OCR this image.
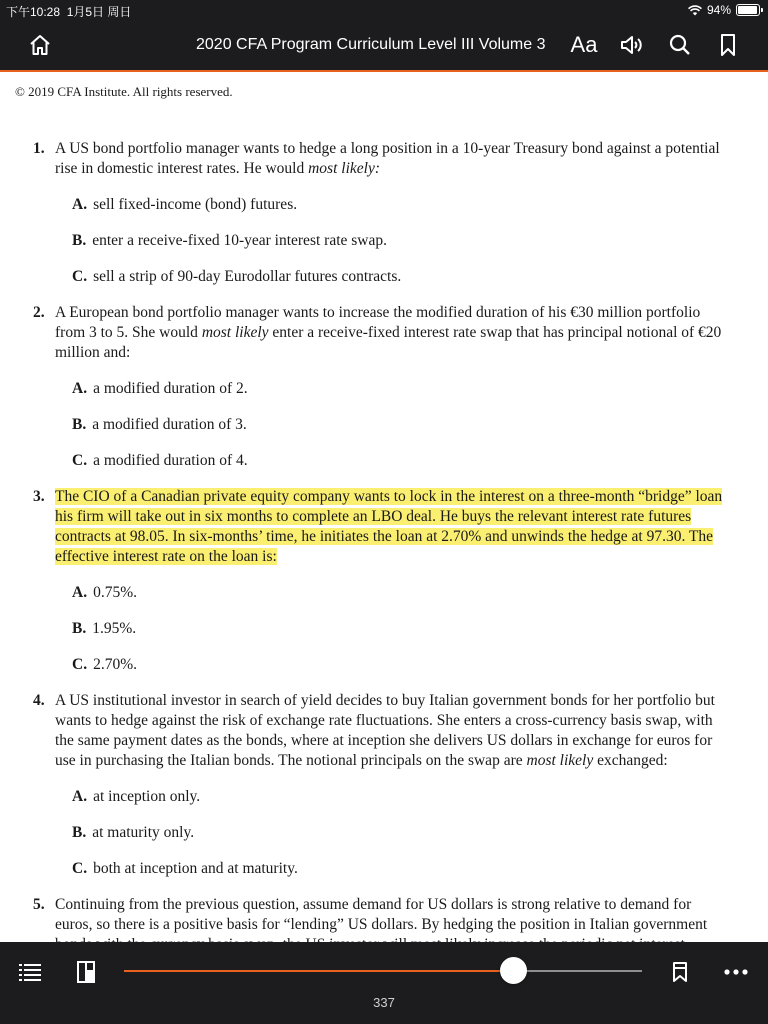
下午10:28 1月5日 周日	94%
2020 CFA Program Curriculum Level III Volume 3 Aa
© 2019 CFA Institute. All rights reserved.
1. A US bond portfolio manager wants to hedge a long position in a 10-year Treasury bond against a potential
rise in domestic interest rates. He would most likely:
A. sell fixed-income (bond) futures.
B. enter a receive-fixed 10-year interest rate swap.
C. sell a strip of 90-day Eurodollar futures contracts.
2. A European bond portfolio manager wants to increase the modified duration of his €30 million portfolio
from 3 to 5. She would most likely enter a receive-fixed interest rate swap that has principal notional of €20
million and:
A. a modified duration of 2.
B. a modified duration of 3.
C. a modified duration of 4.
3. The CIO of a Canadian private equity company wants to lock in the interest on a three-month “bridge” loan
his firm will take out in six months to complete an LBO deal. He buys the relevant interest rate futures
contracts at 98.05. In six-months’ time, he initiates the loan at 2.70% and unwinds the hedge at 97.30. The
effective interest rate on the loan is:
A. 0.75%.
B. 1.95%.
C. 2.70%.
4. A US institutional investor in search of yield decides to buy Italian government bonds for her portfolio but
wants to hedge against the risk of exchange rate fluctuations. She enters a cross-currency basis swap, with
the same payment dates as the bonds, where at inception she delivers US dollars in exchange for euros for
use in purchasing the Italian bonds. The notional principals on the swap are most likely exchanged:
A. at inception only.
B. at maturity only.
C. both at inception and at maturity.
5. Continuing from the previous question, assume demand for US dollars is strong relative to demand for
euros, so there is a positive basis for “lending” US dollars. By hedging the position in Italian government

337
